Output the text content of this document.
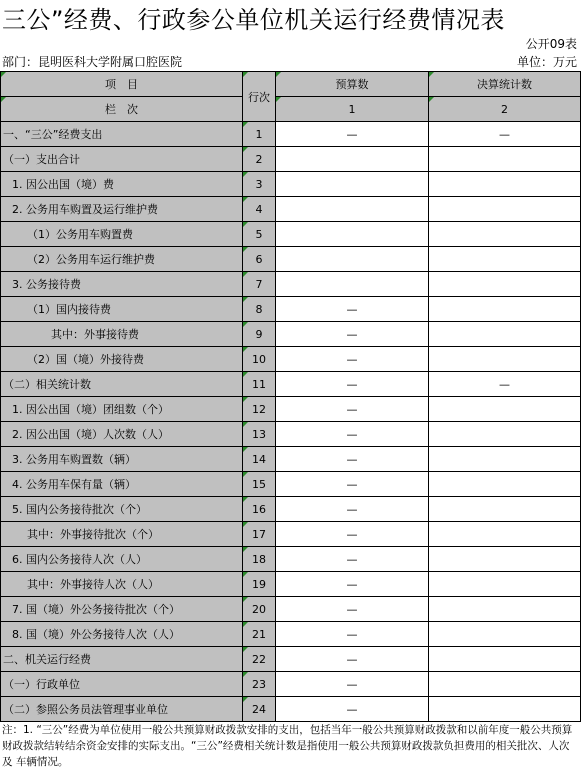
三公”经费、行政参公单位机关运行经费情况表
公开09表
部门：昆明医科大学附属口腔医院	单位：万元
项　目	行次	预算数	决算统计数
栏　次		1	2
一、“三公”经费支出	1	—	—
（一）支出合计	2		
1. 因公出国（境）费	3		
2. 公务用车购置及运行维护费	4		
（1）公务用车购置费	5		
（2）公务用车运行维护费	6		
3. 公务接待费	7		
（1）国内接待费	8	—	
其中：外事接待费	9	—	
（2）国（境）外接待费	10	—	
（二）相关统计数	11	—	—
1. 因公出国（境）团组数（个）	12	—	
2. 因公出国（境）人次数（人）	13	—	
3. 公务用车购置数（辆）	14	—	
4. 公务用车保有量（辆）	15	—	
5. 国内公务接待批次（个）	16	—	
其中：外事接待批次（个）	17	—	
6. 国内公务接待人次（人）	18	—	
其中：外事接待人次（人）	19	—	
7. 国（境）外公务接待批次（个）	20	—	
8. 国（境）外公务接待人次（人）	21	—	
二、机关运行经费	22	—	
（一）行政单位	23	—	
（二）参照公务员法管理事业单位	24	—	
注：1. “三公”经费为单位使用一般公共预算财政拨款安排的支出，包括当年一般公共预算财政拨款和以前年度一般公共预算财政拨款结转结余资金安排的实际支出。“三公”经费相关统计数是指使用一般公共预算财政拨款负担费用的相关批次、人次及 车辆情况。
